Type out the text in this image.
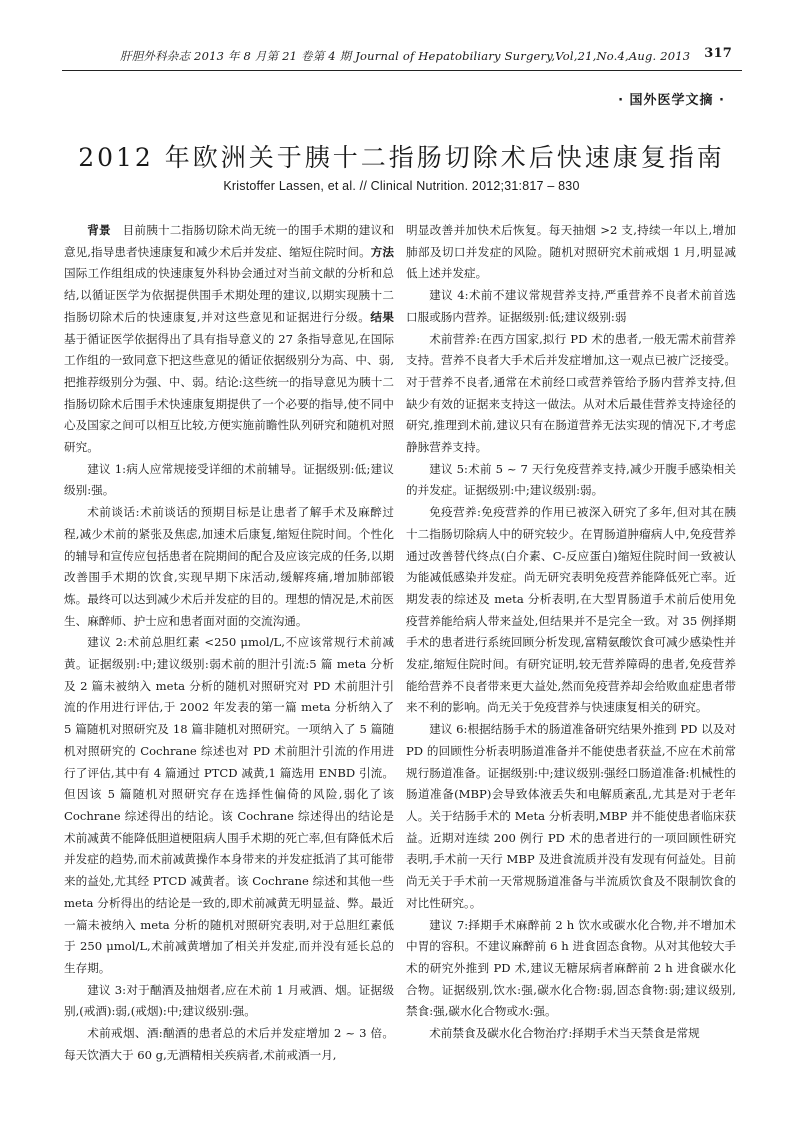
肝胆外科杂志 2013 年 8 月第 21 卷第 4 期 Journal of Hepatobiliary Surgery,Vol,21,No.4,Aug. 2013 317
· 国外医学文摘 ·
2012 年欧洲关于胰十二指肠切除术后快速康复指南
Kristoffer Lassen, et al. // Clinical Nutrition. 2012;31:817 – 830

背景　 目前胰十二指肠切除术尚无统一的围手术期的建议和意见,指导患者快速康复和减少术后并发症、缩短住院时间。方法　国际工作组组成的快速康复外科协会通过对当前文献的分析和总结,以循证医学为依据提供围手术期处理的建议,以期实现胰十二指肠切除术后的快速康复,并对这些意见和证据进行分级。结果　基于循证医学依据得出了具有指导意义的 27 条指导意见,在国际工作组的一致同意下把这些意见的循证依据级别分为高、中、弱,把推荐级别分为强、中、弱。结论:这些统一的指导意见为胰十二指肠切除术后围手术快速康复期提供了一个必要的指导,使不同中心及国家之间可以相互比较,方便实施前瞻性队列研究和随机对照研究。

建议 1:病人应常规接受详细的术前辅导。证据级别:低;建议级别:强。

术前谈话:术前谈话的预期目标是让患者了解手术及麻醉过程,减少术前的紧张及焦虑,加速术后康复,缩短住院时间。个性化的辅导和宣传应包括患者在院期间的配合及应该完成的任务,以期改善围手术期的饮食,实现早期下床活动,缓解疼痛,增加肺部锻炼。最终可以达到减少术后并发症的目的。理想的情况是,术前医生、麻醉师、护士应和患者面对面的交流沟通。

建议 2:术前总胆红素 <250 μmol/L,不应该常规行术前减黄。证据级别:中;建议级别:弱术前的胆汁引流:5 篇 meta 分析及 2 篇未被纳入 meta 分析的随机对照研究对 PD 术前胆汁引流的作用进行评估,于 2002 年发表的第一篇 meta 分析纳入了 5 篇随机对照研究及 18 篇非随机对照研究。一项纳入了 5 篇随机对照研究的 Cochrane 综述也对 PD 术前胆汁引流的作用进行了评估,其中有 4 篇通过 PTCD 减黄,1 篇选用 ENBD 引流。但因该 5 篇随机对照研究存在选择性偏倚的风险,弱化了该 Cochrane 综述得出的结论。该 Cochrane 综述得出的结论是术前减黄不能降低胆道梗阻病人围手术期的死亡率,但有降低术后并发症的趋势,而术前减黄操作本身带来的并发症抵消了其可能带来的益处,尤其经 PTCD 减黄者。该 Cochrane 综述和其他一些 meta 分析得出的结论是一致的,即术前减黄无明显益、弊。最近一篇未被纳入 meta 分析的随机对照研究表明,对于总胆红素低于 250 μmol/L,术前减黄增加了相关并发症,而并没有延长总的生存期。

建议 3:对于酗酒及抽烟者,应在术前 1 月戒酒、烟。证据级别,(戒酒):弱,(戒烟):中;建议级别:强。

术前戒烟、酒:酗酒的患者总的术后并发症增加 2 ~ 3 倍。每天饮酒大于 60 g,无酒精相关疾病者,术前戒酒一月,

明显改善并加快术后恢复。每天抽烟 >2 支,持续一年以上,增加肺部及切口并发症的风险。随机对照研究术前戒烟 1 月,明显减低上述并发症。

建议 4:术前不建议常规营养支持,严重营养不良者术前首选口服或肠内营养。证据级别:低;建议级别:弱

术前营养:在西方国家,拟行 PD 术的患者,一般无需术前营养支持。营养不良者大手术后并发症增加,这一观点已被广泛接受。对于营养不良者,通常在术前经口或营养管给予肠内营养支持,但缺少有效的证据来支持这一做法。从对术后最佳营养支持途径的研究,推理到术前,建议只有在肠道营养无法实现的情况下,才考虑静脉营养支持。

建议 5:术前 5 ~ 7 天行免疫营养支持,减少开腹手感染相关的并发症。证据级别:中;建议级别:弱。

免疫营养:免疫营养的作用已被深入研究了多年,但对其在胰十二指肠切除病人中的研究较少。在胃肠道肿瘤病人中,免疫营养通过改善替代终点(白介素、C-反应蛋白)缩短住院时间一致被认为能减低感染并发症。尚无研究表明免疫营养能降低死亡率。近期发表的综述及 meta 分析表明,在大型胃肠道手术前后使用免疫营养能给病人带来益处,但结果并不是完全一致。对 35 例择期手术的患者进行系统回顾分析发现,富精氨酸饮食可减少感染性并发症,缩短住院时间。有研究证明,较无营养障碍的患者,免疫营养能给营养不良者带来更大益处,然而免疫营养却会给败血症患者带来不利的影响。尚无关于免疫营养与快速康复相关的研究。

建议 6:根据结肠手术的肠道准备研究结果外推到 PD 以及对 PD 的回顾性分析表明肠道准备并不能使患者获益,不应在术前常规行肠道准备。证据级别:中;建议级别:强经口肠道准备:机械性的肠道准备(MBP)会导致体液丢失和电解质紊乱,尤其是对于老年人。关于结肠手术的 Meta 分析表明,MBP 并不能使患者临床获益。近期对连续 200 例行 PD 术的患者进行的一项回顾性研究表明,手术前一天行 MBP 及进食流质并没有发现有何益处。目前尚无关于手术前一天常规肠道准备与半流质饮食及不限制饮食的对比性研究。。

建议 7:择期手术麻醉前 2 h 饮水或碳水化合物,并不增加术中胃的容积。不建议麻醉前 6 h 进食固态食物。从对其他较大手术的研究外推到 PD 术,建议无糖尿病者麻醉前 2 h 进食碳水化合物。证据级别,饮水:强,碳水化合物:弱,固态食物:弱;建议级别,禁食:强,碳水化合物或水:强。

术前禁食及碳水化合物治疗:择期手术当天禁食是常规
